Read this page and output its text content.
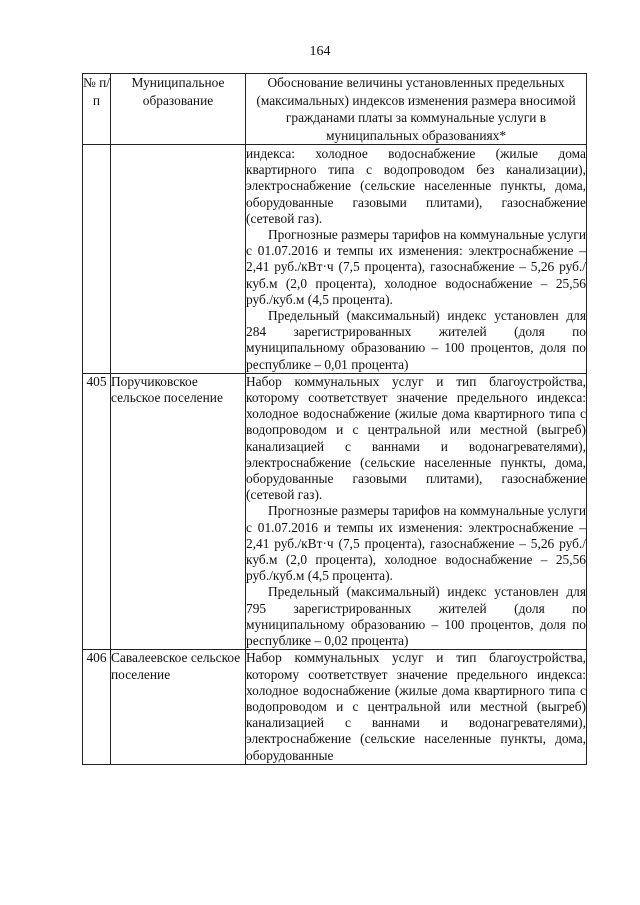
164
№ п/п	Муниципальное образование	Обоснование величины установленных предельных (максимальных) индексов изменения размера вносимой гражданами платы за коммунальные услуги в муниципальных образованиях*

		индекса: холодное водоснабжение (жилые дома квартирного типа с водопроводом без канализации), электроснабжение (сельские населенные пункты, дома, оборудованные газовыми плитами), газоснабжение (сетевой газ).
Прогнозные размеры тарифов на коммунальные услуги с 01.07.2016 и темпы их изменения: электроснабжение – 2,41 руб./кВт·ч (7,5 процента), газоснабжение – 5,26 руб./куб.м (2,0 процента), холодное водоснабжение – 25,56 руб./куб.м (4,5 процента).
Предельный (максимальный) индекс установлен для 284 зарегистрированных жителей (доля по муниципальному образованию – 100 процентов, доля по республике – 0,01 процента)

405	Поручиковское сельское поселение	Набор коммунальных услуг и тип благоустройства, которому соответствует значение предельного индекса: холодное водоснабжение (жилые дома квартирного типа с водопроводом и с центральной или местной (выгреб) канализацией с ваннами и водонагревателями), электроснабжение (сельские населенные пункты, дома, оборудованные газовыми плитами), газоснабжение (сетевой газ).
Прогнозные размеры тарифов на коммунальные услуги с 01.07.2016 и темпы их изменения: электроснабжение – 2,41 руб./кВт·ч (7,5 процента), газоснабжение – 5,26 руб./куб.м (2,0 процента), холодное водоснабжение – 25,56 руб./куб.м (4,5 процента).
Предельный (максимальный) индекс установлен для 795 зарегистрированных жителей (доля по муниципальному образованию – 100 процентов, доля по республике – 0,02 процента)

406	Савалеевское сельское поселение	Набор коммунальных услуг и тип благоустройства, которому соответствует значение предельного индекса: холодное водоснабжение (жилые дома квартирного типа с водопроводом и с центральной или местной (выгреб) канализацией с ваннами и водонагревателями), электроснабжение (сельские населенные пункты, дома, оборудованные
